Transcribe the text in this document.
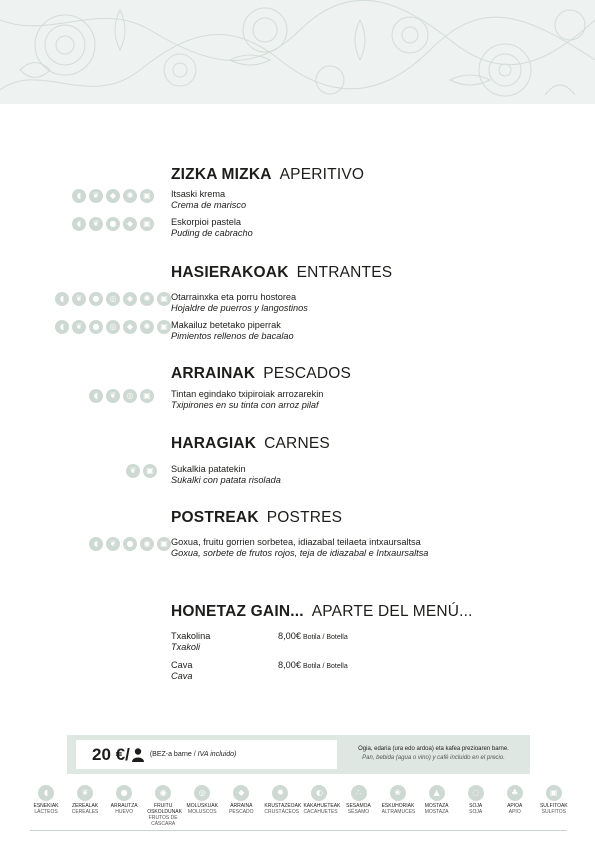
ZIZKA MIZKA APERITIVO
◖	❦	◆	✺	▣	Itsaski krema
Crema de marisco
◖	❦	●	◆	▣	Eskorpioi pastela
Puding de cabracho
HASIERAKOAK ENTRANTES
◖	❦	●	◎	◆	✺	▣ Otarrainxka eta porru hostorea
Hojaldre de puerros y langostinos
◖	❦	●	◎	◆	✺	▣ Makailuz betetako piperrak
Pimientos rellenos de bacalao
ARRAINAK PESCADOS
◖	❦	◎	▣	Tintan egindako txipiroiak arrozarekin
Txipirones en su tinta con arroz pilaf
HARAGIAK CARNES
❦	▣	Sukalkia patatekin
Sukalki con patata risolada
POSTREAK POSTRES
◖	❦	●	◉	▣ Goxua, fruitu gorrien sorbetea, idiazabal teilaeta intxaursaltsa
Goxua, sorbete de frutos rojos, teja de idiazabal e Intxaursaltsa
HONETAZ GAIN... APARTE DEL MENÚ...
Txakolina
Txakoli
8,00€ Botila / Botella
Cava
Cava
8,00€ Botila / Botella
20 €/	(BEZ-a barne / IVA incluido)
Ogia, edaria (ura edo ardoa) eta kafea prezioaren barne.
Pan, bebida (agua o vino) y café incluido en el precio.
◖
ESNEKIAK
LÁCTEOS
❦
ZEREALAK
CEREALES
●
ARRAUTZA
HUEVO
◉
FRUITU OSKOLDUNAK
FRUTOS DE CÁSCARA
◎
MOLUSKUAK
MOLUSCOS
◆
ARRAINA
PESCADO
✺
KRUSTAZEOAK
CRUSTÁCEOS
◐
KAKAHUETEAK
CACAHUETES
∴
SESAMOA
SÉSAMO
❀
ESKUHORIAK
ALTRAMUCES
▲
MOSTAZA
MOSTAZA
◌
SOJA
SOJA
♣
APIOA
APIO
▣
SULFITOAK
SULFITOS
